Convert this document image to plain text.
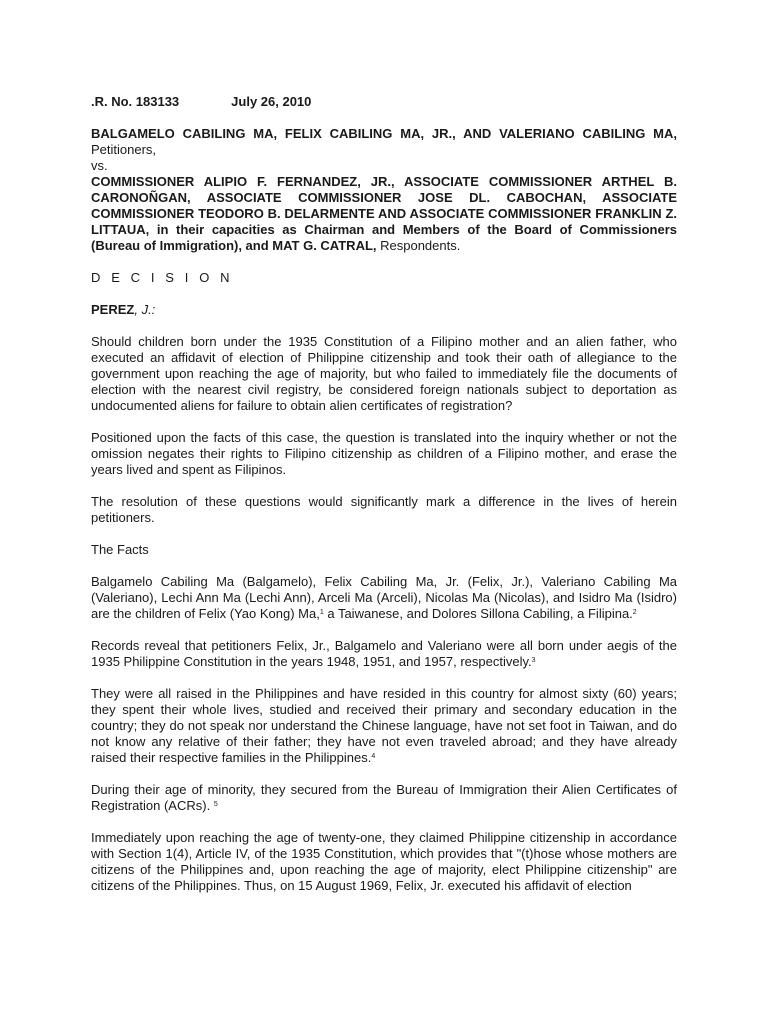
.R. No. 183133	July 26, 2010

BALGAMELO CABILING MA, FELIX CABILING MA, JR., AND VALERIANO CABILING MA, Petitioners,

vs.

COMMISSIONER ALIPIO F. FERNANDEZ, JR., ASSOCIATE COMMISSIONER ARTHEL B. CARONOÑGAN, ASSOCIATE COMMISSIONER JOSE DL. CABOCHAN, ASSOCIATE COMMISSIONER TEODORO B. DELARMENTE AND ASSOCIATE COMMISSIONER FRANKLIN Z. LITTAUA, in their capacities as Chairman and Members of the Board of Commissioners (Bureau of Immigration), and MAT G. CATRAL, Respondents.

D E C I S I O N

PEREZ, J.:

Should children born under the 1935 Constitution of a Filipino mother and an alien father, who executed an affidavit of election of Philippine citizenship and took their oath of allegiance to the government upon reaching the age of majority, but who failed to immediately file the documents of election with the nearest civil registry, be considered foreign nationals subject to deportation as undocumented aliens for failure to obtain alien certificates of registration?

Positioned upon the facts of this case, the question is translated into the inquiry whether or not the omission negates their rights to Filipino citizenship as children of a Filipino mother, and erase the years lived and spent as Filipinos.

The resolution of these questions would significantly mark a difference in the lives of herein petitioners.

The Facts

Balgamelo Cabiling Ma (Balgamelo), Felix Cabiling Ma, Jr. (Felix, Jr.), Valeriano Cabiling Ma (Valeriano), Lechi Ann Ma (Lechi Ann), Arceli Ma (Arceli), Nicolas Ma (Nicolas), and Isidro Ma (Isidro) are the children of Felix (Yao Kong) Ma,$^1$ a Taiwanese, and Dolores Sillona Cabiling, a Filipina.$^2$

Records reveal that petitioners Felix, Jr., Balgamelo and Valeriano were all born under aegis of the 1935 Philippine Constitution in the years 1948, 1951, and 1957, respectively.$^3$

They were all raised in the Philippines and have resided in this country for almost sixty (60) years; they spent their whole lives, studied and received their primary and secondary education in the country; they do not speak nor understand the Chinese language, have not set foot in Taiwan, and do not know any relative of their father; they have not even traveled abroad; and they have already raised their respective families in the Philippines.$^4$

During their age of minority, they secured from the Bureau of Immigration their Alien Certificates of Registration (ACRs). $^5$

Immediately upon reaching the age of twenty-one, they claimed Philippine citizenship in accordance with Section 1(4), Article IV, of the 1935 Constitution, which provides that "(t)hose whose mothers are citizens of the Philippines and, upon reaching the age of majority, elect Philippine citizenship" are citizens of the Philippines. Thus, on 15 August 1969, Felix, Jr. executed his affidavit of election
